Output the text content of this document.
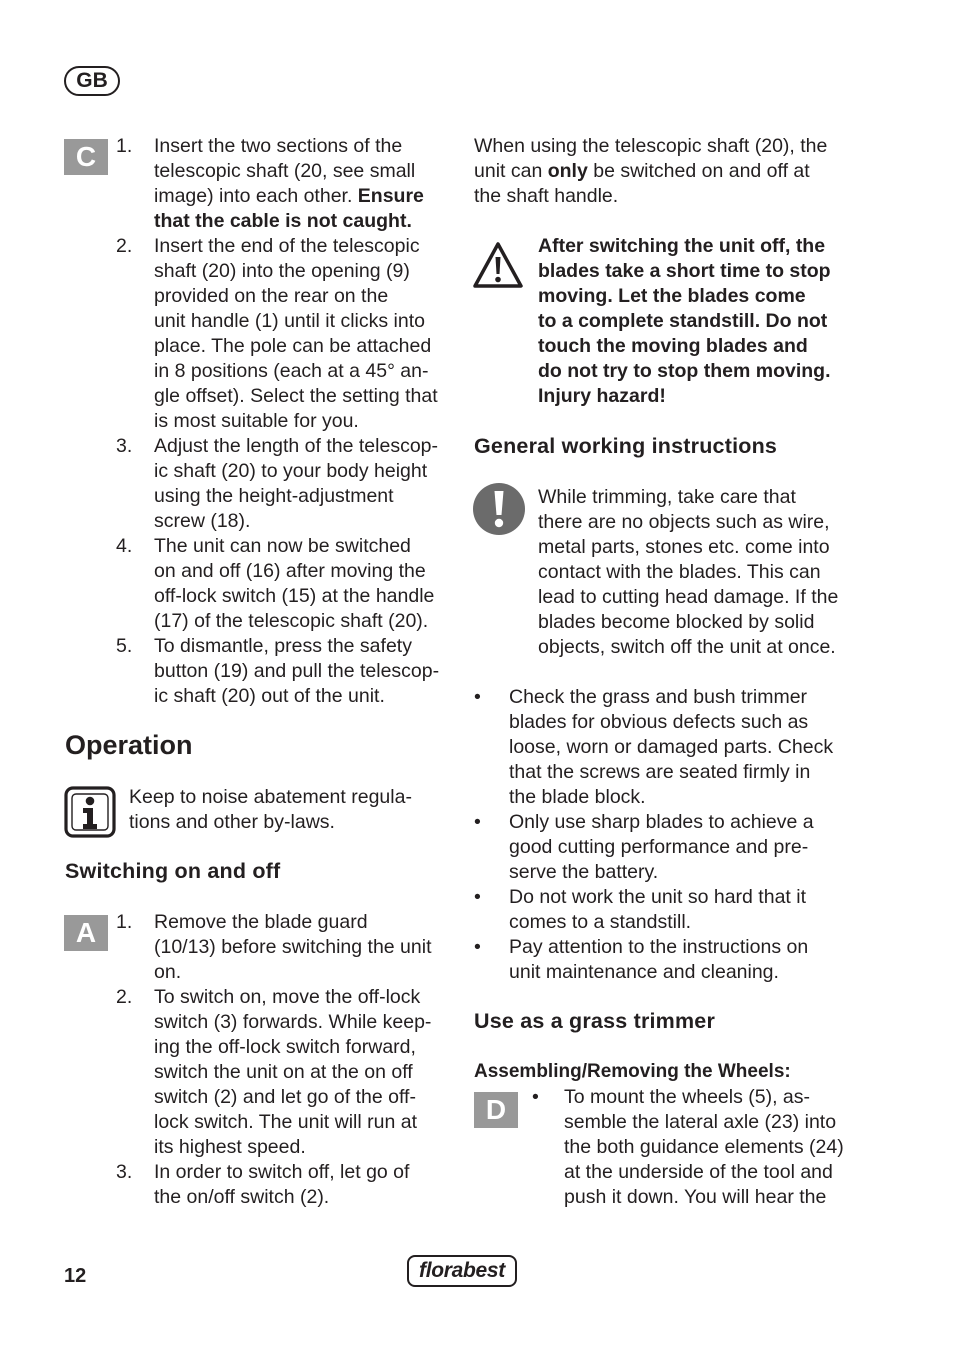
GB
C	1.	Insert the two sections of the
telescopic shaft (20, see small
image) into each other. Ensure
that the cable is not caught.
2.	Insert the end of the telescopic
shaft (20) into the opening (9)
provided on the rear on the
unit handle (1) until it clicks into
place. The pole can be attached
in 8 positions (each at a 45° an-
gle offset). Select the setting that
is most suitable for you.
3.	Adjust the length of the telescop-
ic shaft (20) to your body height
using the height-adjustment
screw (18).
4.	The unit can now be switched
on and off (16) after moving the
off-lock switch (15) at the handle
(17) of the telescopic shaft (20).
5.	To dismantle, press the safety
button (19) and pull the telescop-
ic shaft (20) out of the unit.
Operation
Keep to noise abatement regula-
tions and other by-laws.
Switching on and off
A	1.	Remove the blade guard
(10/13) before switching the unit
on.
2.	To switch on, move the off-lock
switch (3) forwards. While keep-
ing the off-lock switch forward,
switch the unit on at the on off
switch (2) and let go of the off-
lock switch. The unit will run at
its highest speed.
3.	In order to switch off, let go of
the on/off switch (2).
When using the telescopic shaft (20), the
unit can only be switched on and off at
the shaft handle.
After switching the unit off, the
blades take a short time to stop
moving. Let the blades come
to a complete standstill. Do not
touch the moving blades and
do not try to stop them moving.
Injury hazard!
General working instructions
While trimming, take care that
there are no objects such as wire,
metal parts, stones etc. come into
contact with the blades. This can
lead to cutting head damage. If the
blades become blocked by solid
objects, switch off the unit at once.
•	Check the grass and bush trimmer
blades for obvious defects such as
loose, worn or damaged parts. Check
that the screws are seated firmly in
the blade block.
•	Only use sharp blades to achieve a
good cutting performance and pre-
serve the battery.
•	Do not work the unit so hard that it
comes to a standstill.
•	Pay attention to the instructions on
unit maintenance and cleaning.
Use as a grass trimmer
Assembling/Removing the Wheels:
D	• To mount the wheels (5), as-
semble the lateral axle (23) into
the both guidance elements (24)
at the underside of the tool and
push it down. You will hear the
12	florabest
